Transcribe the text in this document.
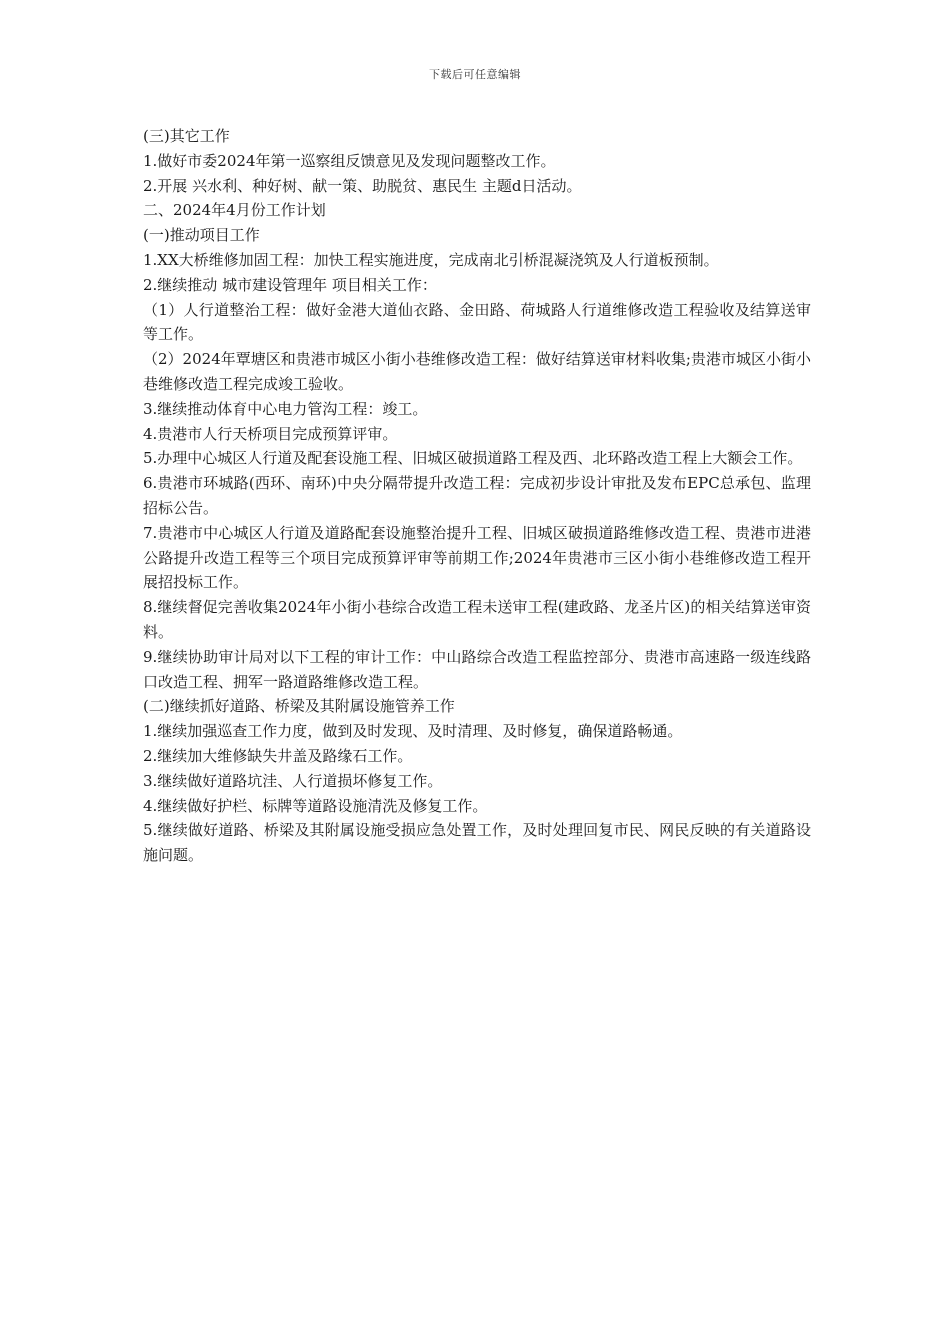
下载后可任意编辑

(三)其它工作

1.做好市委2024年第一巡察组反馈意见及发现问题整改工作。

2.开展 兴水利、种好树、献一策、助脱贫、惠民生 主题d日活动。

二、2024年4月份工作计划

(一)推动项目工作

1.XX大桥维修加固工程：加快工程实施进度，完成南北引桥混凝浇筑及人行道板预制。

2.继续推动 城市建设管理年 项目相关工作：

（1）人行道整治工程：做好金港大道仙衣路、金田路、荷城路人行道维修改造工程验收及结算送审等工作。

（2）2024年覃塘区和贵港市城区小街小巷维修改造工程：做好结算送审材料收集;贵港市城区小街小巷维修改造工程完成竣工验收。

3.继续推动体育中心电力管沟工程：竣工。

4.贵港市人行天桥项目完成预算评审。

5.办理中心城区人行道及配套设施工程、旧城区破损道路工程及西、北环路改造工程上大额会工作。

6.贵港市环城路(西环、南环)中央分隔带提升改造工程：完成初步设计审批及发布EPC总承包、监理招标公告。

7.贵港市中心城区人行道及道路配套设施整治提升工程、旧城区破损道路维修改造工程、贵港市进港公路提升改造工程等三个项目完成预算评审等前期工作;2024年贵港市三区小街小巷维修改造工程开展招投标工作。

8.继续督促完善收集2024年小街小巷综合改造工程未送审工程(建政路、龙圣片区)的相关结算送审资料。

9.继续协助审计局对以下工程的审计工作：中山路综合改造工程监控部分、贵港市高速路一级连线路口改造工程、拥军一路道路维修改造工程。

(二)继续抓好道路、桥梁及其附属设施管养工作

1.继续加强巡查工作力度，做到及时发现、及时清理、及时修复，确保道路畅通。

2.继续加大维修缺失井盖及路缘石工作。

3.继续做好道路坑洼、人行道损坏修复工作。

4.继续做好护栏、标牌等道路设施清洗及修复工作。

5.继续做好道路、桥梁及其附属设施受损应急处置工作，及时处理回复市民、网民反映的有关道路设施问题。
